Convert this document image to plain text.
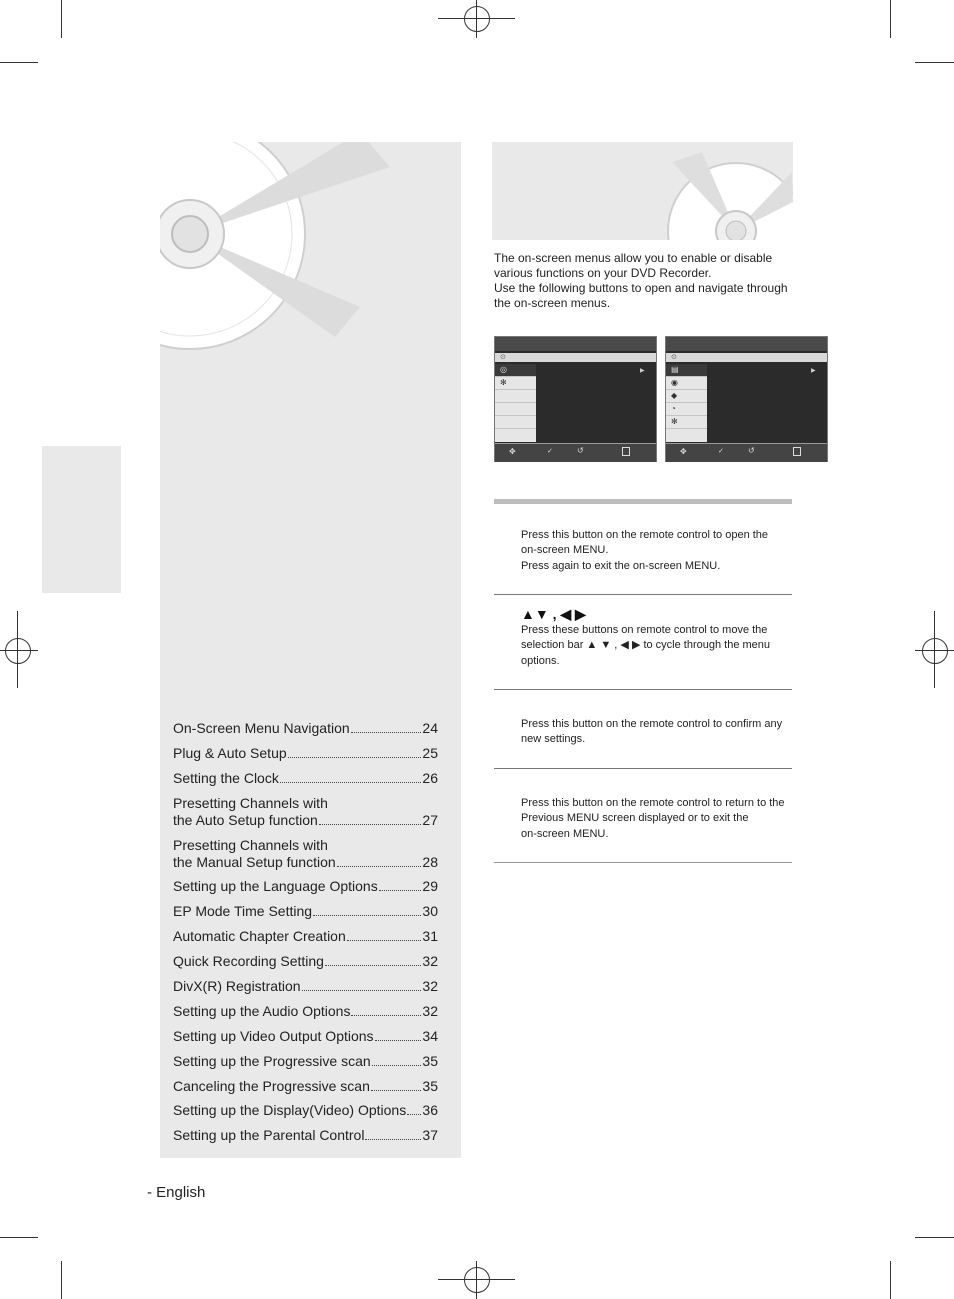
On-Screen Menu Navigation	24
Plug & Auto Setup	25
Setting the Clock	26
Presetting Channels with
the Auto Setup function	27
Presetting Channels with
the Manual Setup function	28
Setting up the Language Options	29
EP Mode Time Setting	30
Automatic Chapter Creation	31
Quick Recording Setting	32
DivX(R) Registration	32
Setting up the Audio Options	32
Setting up Video Output Options	34
Setting up the Progressive scan	35
Canceling the Progressive scan	35
Setting up the Display(Video) Options 36
Setting up the Parental Control	37
The on-screen menus allow you to enable or disable
various functions on your DVD Recorder.
Use the following buttons to open and navigate through
the on-screen menus.
⊙
◎
✻
▶
✥	✓	↺
⊙
▤
◉
◆
◔
✻
▶
✥	✓	↺
Press this button on the remote control to open the
on-screen MENU.
Press again to exit the on-screen MENU.
▲▼ , ◀ ▶
Press these buttons on remote control to move the
selection bar ▲ ▼ , ◀ ▶ to cycle through the menu
options.
Press this button on the remote control to confirm any
new settings.
Press this button on the remote control to return to the
Previous MENU screen displayed or to exit the
on-screen MENU.
- English
